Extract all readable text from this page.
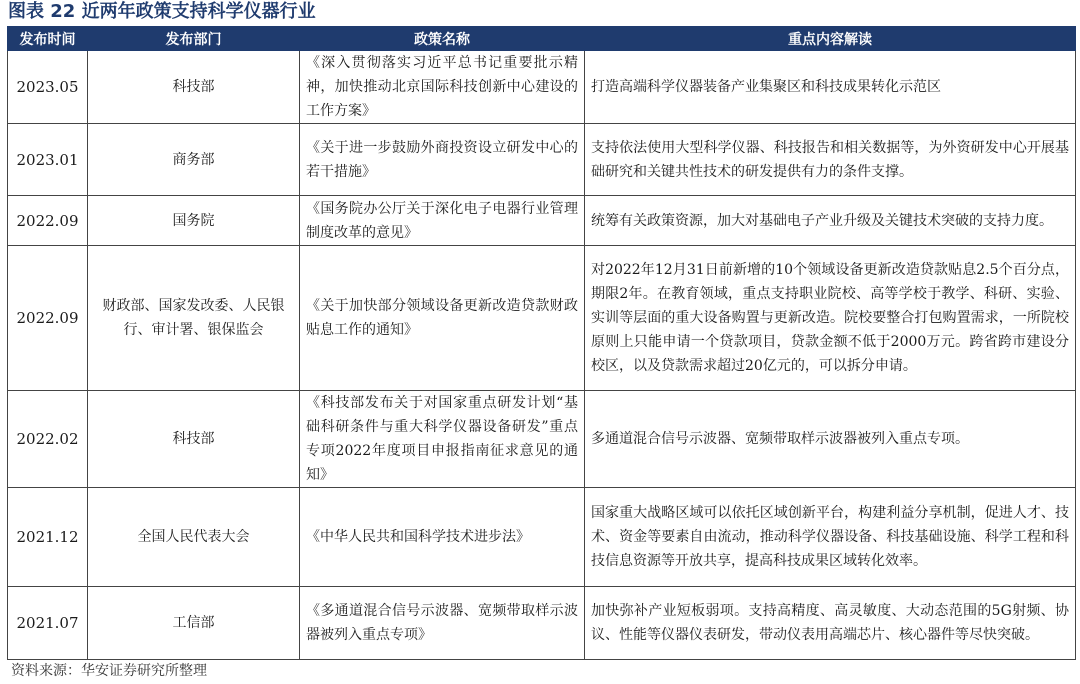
图表 22 近两年政策支持科学仪器行业
发布时间	发布部门	政策名称	重点内容解读
2023.05	科技部	《深入贯彻落实习近平总书记重要批示精神，加快推动北京国际科技创新中心建设的工作方案》	打造高端科学仪器装备产业集聚区和科技成果转化示范区
2023.01	商务部	《关于进一步鼓励外商投资设立研发中心的若干措施》	支持依法使用大型科学仪器、科技报告和相关数据等，为外资研发中心开展基础研究和关键共性技术的研发提供有力的条件支撑。
2022.09	国务院	《国务院办公厅关于深化电子电器行业管理制度改革的意见》	统筹有关政策资源，加大对基础电子产业升级及关键技术突破的支持力度。
2022.09	财政部、国家发改委、人民银行、审计署、银保监会	《关于加快部分领域设备更新改造贷款财政贴息工作的通知》	对2022年12月31日前新增的10个领域设备更新改造贷款贴息2.5个百分点，期限2年。在教育领域，重点支持职业院校、高等学校于教学、科研、实验、实训等层面的重大设备购置与更新改造。院校要整合打包购置需求，一所院校原则上只能申请一个贷款项目，贷款金额不低于2000万元。跨省跨市建设分校区，以及贷款需求超过20亿元的，可以拆分申请。
2022.02	科技部	《科技部发布关于对国家重点研发计划“基础科研条件与重大科学仪器设备研发”重点专项2022年度项目申报指南征求意见的通知》	多通道混合信号示波器、宽频带取样示波器被列入重点专项。
2021.12	全国人民代表大会	《中华人民共和国科学技术进步法》	国家重大战略区域可以依托区域创新平台，构建利益分享机制，促进人才、技术、资金等要素自由流动，推动科学仪器设备、科技基础设施、科学工程和科技信息资源等开放共享，提高科技成果区域转化效率。
2021.07	工信部	《多通道混合信号示波器、宽频带取样示波器被列入重点专项》	加快弥补产业短板弱项。支持高精度、高灵敏度、大动态范围的5G射频、协议、性能等仪器仪表研发，带动仪表用高端芯片、核心器件等尽快突破。
资料来源：华安证券研究所整理
